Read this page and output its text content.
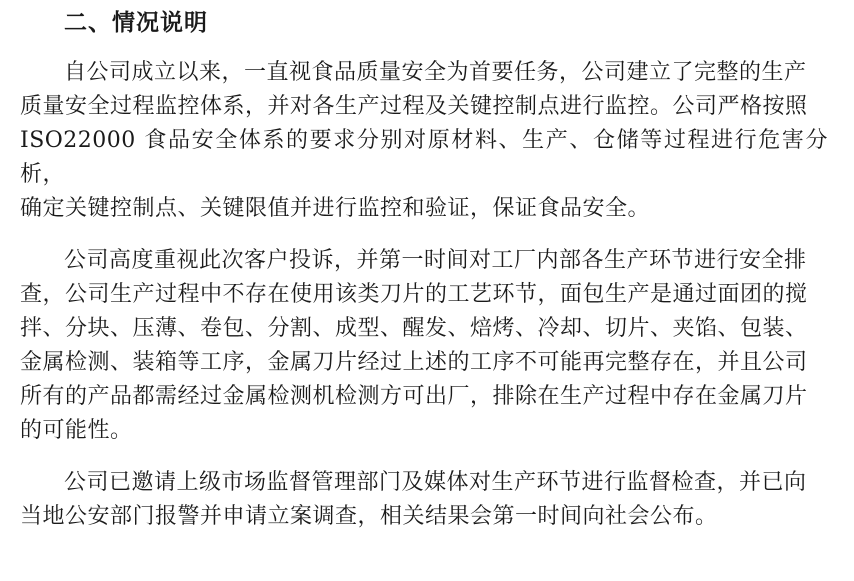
二、情况说明

自公司成立以来，一直视食品质量安全为首要任务，公司建立了完整的生产
质量安全过程监控体系，并对各生产过程及关键控制点进行监控。公司严格按照
ISO22000 食品安全体系的要求分别对原材料、生产、仓储等过程进行危害分析，
确定关键控制点、关键限值并进行监控和验证，保证食品安全。

公司高度重视此次客户投诉，并第一时间对工厂内部各生产环节进行安全排
查，公司生产过程中不存在使用该类刀片的工艺环节，面包生产是通过面团的搅
拌、分块、压薄、卷包、分割、成型、醒发、焙烤、冷却、切片、夹馅、包装、
金属检测、装箱等工序，金属刀片经过上述的工序不可能再完整存在，并且公司
所有的产品都需经过金属检测机检测方可出厂，排除在生产过程中存在金属刀片
的可能性。

公司已邀请上级市场监督管理部门及媒体对生产环节进行监督检查，并已向
当地公安部门报警并申请立案调查，相关结果会第一时间向社会公布。
